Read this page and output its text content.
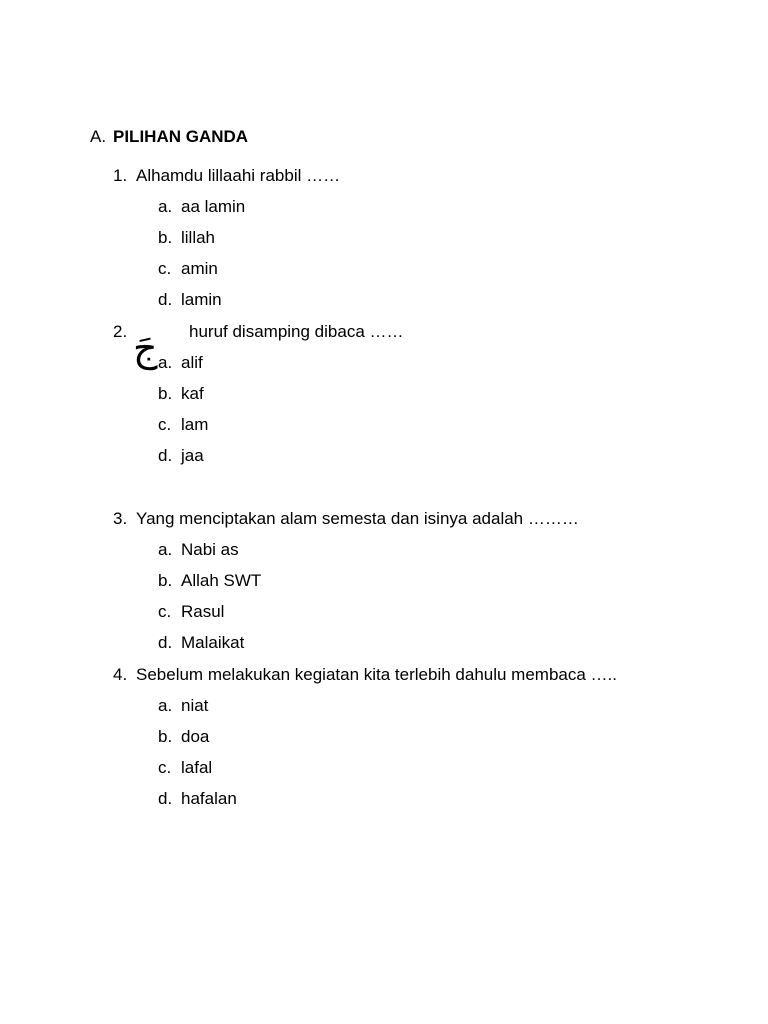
A. PILIHAN GANDA
1. Alhamdu lillaahi rabbil ……
a. aa lamin
b. lillah
c. amin
d. lamin
2. جَ huruf disamping dibaca ……
a. alif
b. kaf
c. lam
d. jaa
3. Yang menciptakan alam semesta dan isinya adalah ………
a. Nabi as
b. Allah SWT
c. Rasul
d. Malaikat
4. Sebelum melakukan kegiatan kita terlebih dahulu membaca …..
a. niat
b. doa
c. lafal
d. hafalan
